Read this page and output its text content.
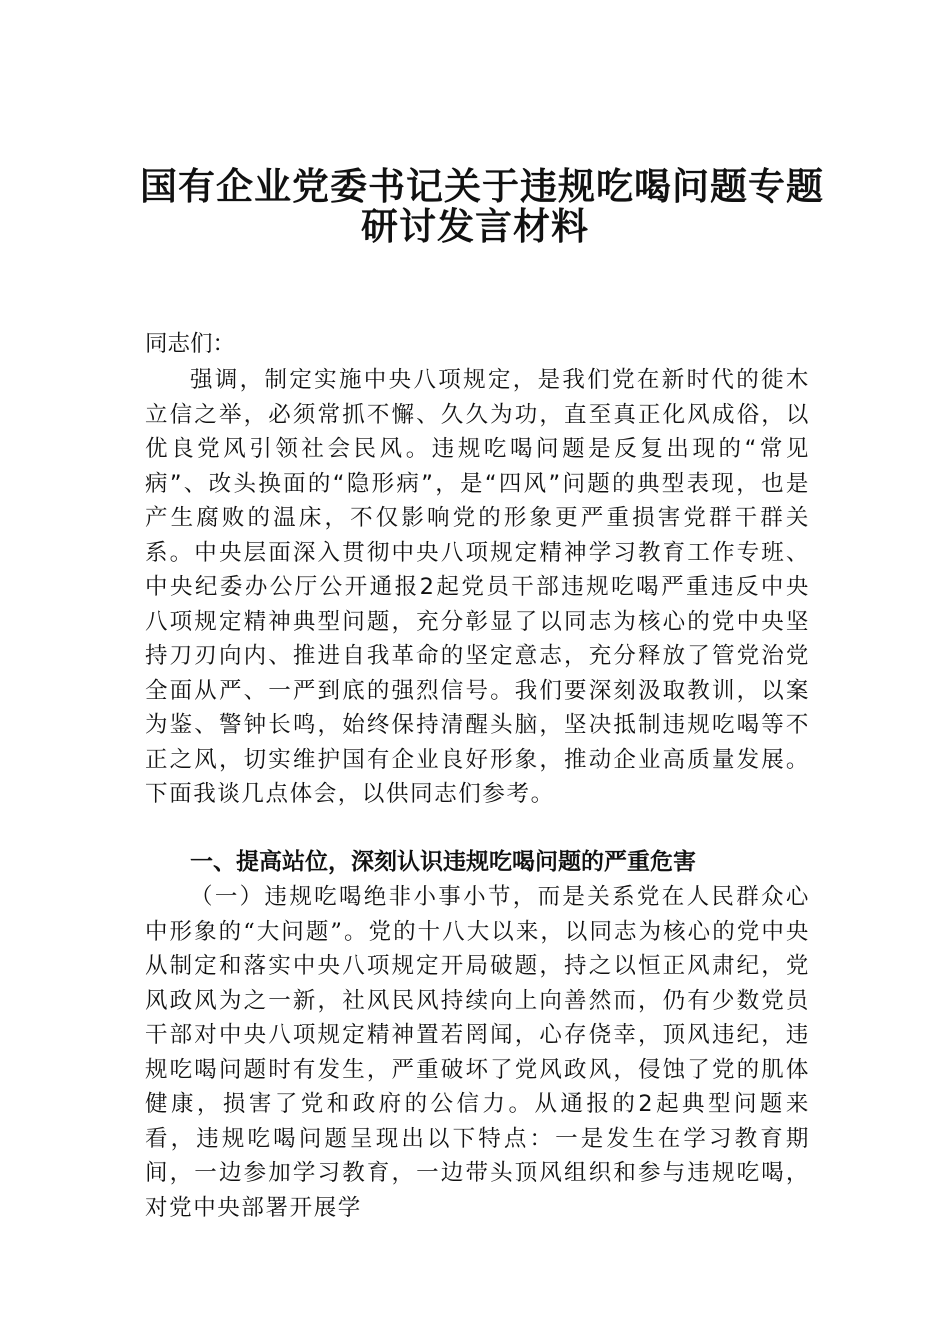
国有企业党委书记关于违规吃喝问题专题
研讨发言材料
同志们：

强调，制定实施中央八项规定，是我们党在新时代的徙木立信之举，必须常抓不懈、久久为功，直至真正化风成俗，以优良党风引领社会民风。违规吃喝问题是反复出现的“常见病”、改头换面的“隐形病”，是“四风”问题的典型表现，也是产生腐败的温床，不仅影响党的形象更严重损害党群干群关系。中央层面深入贯彻中央八项规定精神学习教育工作专班、中央纪委办公厅公开通报2起党员干部违规吃喝严重违反中央八项规定精神典型问题，充分彰显了以同志为核心的党中央坚持刀刃向内、推进自我革命的坚定意志，充分释放了管党治党全面从严、一严到底的强烈信号。我们要深刻汲取教训，以案为鉴、警钟长鸣，始终保持清醒头脑，坚决抵制违规吃喝等不正之风，切实维护国有企业良好形象，推动企业高质量发展。下面我谈几点体会，以供同志们参考。

一、提高站位，深刻认识违规吃喝问题的严重危害

（一）违规吃喝绝非小事小节，而是关系党在人民群众心中形象的“大问题”。党的十八大以来，以同志为核心的党中央从制定和落实中央八项规定开局破题，持之以恒正风肃纪，党风政风为之一新，社风民风持续向上向善然而，仍有少数党员干部对中央八项规定精神置若罔闻，心存侥幸，顶风违纪，违规吃喝问题时有发生，严重破坏了党风政风，侵蚀了党的肌体健康，损害了党和政府的公信力。从通报的2起典型问题来看，违规吃喝问题呈现出以下特点：一是发生在学习教育期间，一边参加学习教育，一边带头顶风组织和参与违规吃喝，对党中央部署开展学
